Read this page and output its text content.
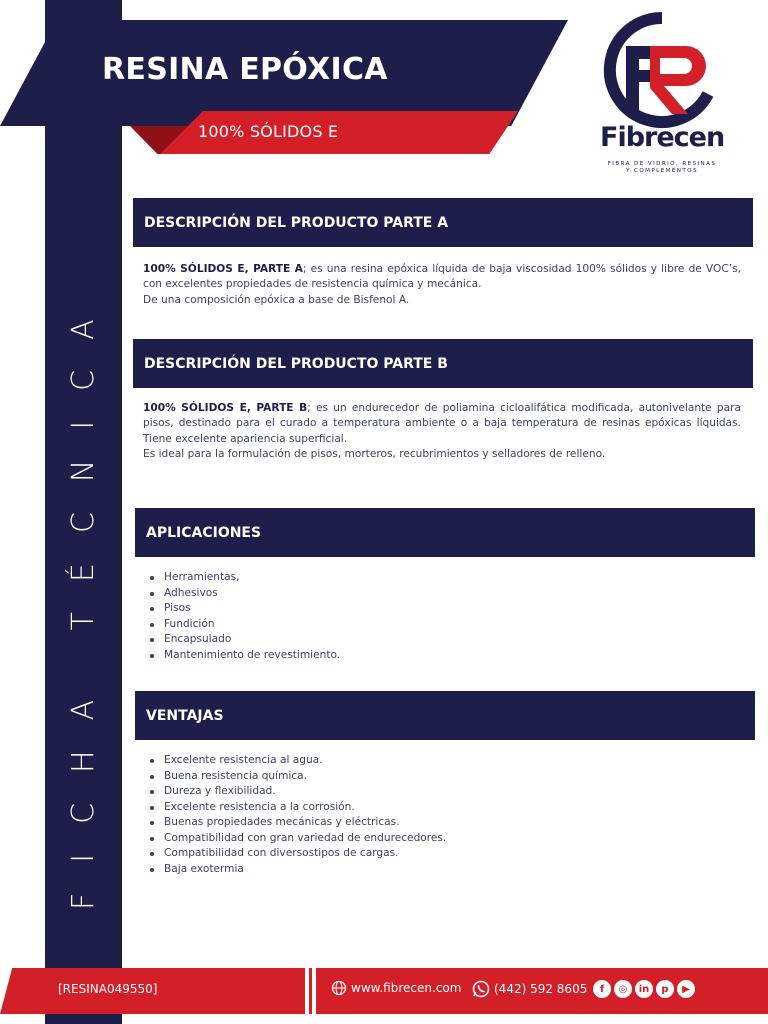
FICHA TÉCNICA
RESINA EPÓXICA
100% SÓLIDOS E	Fibrecen
FIBRA DE VIDRIO, RESINAS
Y COMPLEMENTOS
DESCRIPCIÓN DEL PRODUCTO PARTE A
100% SÓLIDOS E, PARTE A; es una resina epóxica líquida de baja viscosidad 100% sólidos y libre de VOC’s, con excelentes propiedades de resistencia química y mecánica.
De una composición epóxica a base de Bisfenol A.
DESCRIPCIÓN DEL PRODUCTO PARTE B
100% SÓLIDOS E, PARTE B; es un endurecedor de poliamina cicloalifática modificada, autonivelante para pisos, destinado para el curado a temperatura ambiente o a baja temperatura de resinas epóxicas líquidas. Tiene excelente apariencia superficial.
Es ideal para la formulación de pisos, morteros, recubrimientos y selladores de relleno.
APLICACIONES
Herramientas,
Adhesivos
Pisos
Fundición
Encapsulado
Mantenimiento de revestimiento.
VENTAJAS
Excelente resistencia al agua.
Buena resistencia química.
Dureza y flexibilidad.
Excelente resistencia a la corrosión.
Buenas propiedades mecánicas y eléctricas.
Compatibilidad con gran variedad de endurecedores.
Compatibilidad con diversostipos de cargas.
Baja exotermia
[RESINA049550]	www.fibrecen.com	(442) 592 8605	f	◎	in	p	▶
